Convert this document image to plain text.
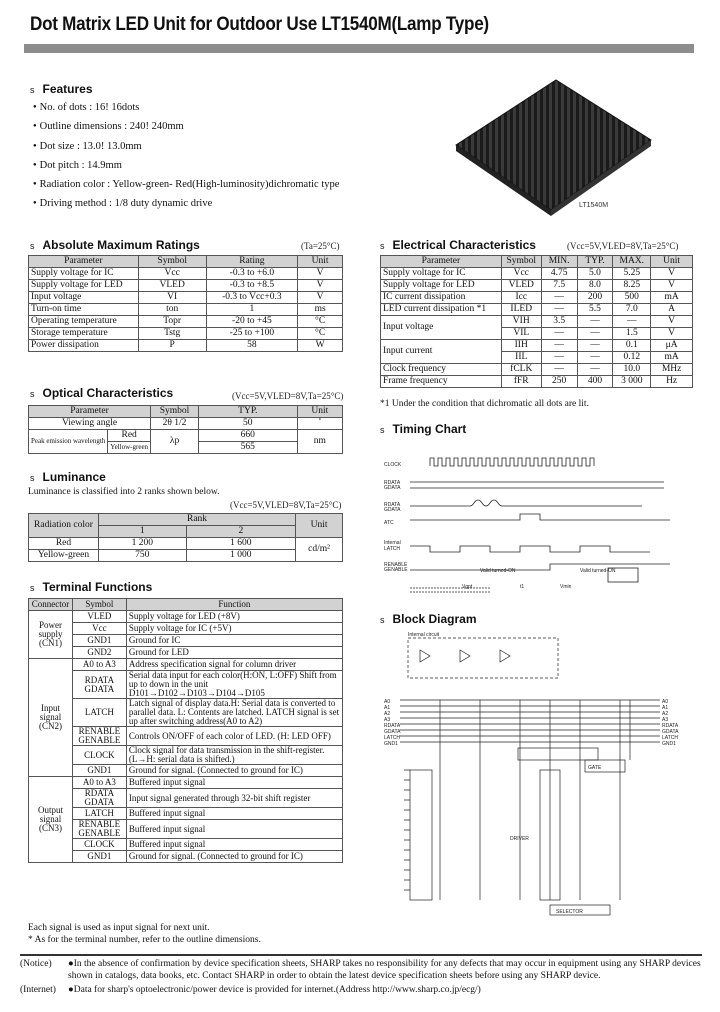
Dot Matrix LED Unit for Outdoor Use LT1540M(Lamp Type)
s Features
● No. of dots : 16! 16dots
● Outline dimensions : 240! 240mm
● Dot size : 13.0! 13.0mm
● Dot pitch : 14.9mm
● Radiation color : Yellow-green- Red(High-luminosity)dichromatic type
● Driving method : 1/8 duty dynamic drive	LT1540M
s Absolute Maximum Ratings	(Ta=25°C)
Parameter	Symbol	Rating	Unit
Supply voltage for IC	Vcc	-0.3 to +6.0	V
Supply voltage for LED	VLED	-0.3 to +8.5	V
Input voltage	VI	-0.3 to Vcc+0.3	V
Turn-on time	ton	1	ms
Operating temperature	Topr	-20 to +45	°C
Storage temperature	Tstg	-25 to +100	°C
Power dissipation	P	58	W
s Optical Characteristics	(Vcc=5V,VLED=8V,Ta=25°C)
Parameter		Symbol	TYP.	Unit
Viewing angle		2θ 1/2	50	˚
Peak emission wavelength	Red	λp	660	nm
	Yellow-green		565	
s Luminance
Luminance is classified into 2 ranks shown below.
(Vcc=5V,VLED=8V,Ta=25°C)
Radiation color	Rank		Unit
	1	2	
Red	1 200	1 600	cd/m²
Yellow-green	750	1 000	
s Terminal Functions
Connector	Symbol	Function
Power supply (CN1)	VLED	Supply voltage for LED (+8V)
	Vcc	Supply voltage for IC (+5V)
	GND1	Ground for IC
	GND2	Ground for LED
Input signal (CN2)	A0 to A3	Address specification signal for column driver
	RDATA GDATA	Serial data input for each color(H:ON, L:OFF) Shift from up to down in the unit D101→D102→D103→D104→D105
	LATCH	Latch signal of display data.H: Serial data is converted to parallel data. L: Contents are latched. LATCH signal is set up after switching address(A0 to A2)
	RENABLE GENABLE	Controls ON/OFF of each color of LED. (H: LED OFF)
	CLOCK	Clock signal for data transmission in the shift-register. (L→H: serial data is shifted.)
	GND1	Ground for signal. (Connected to ground for IC)
Output signal (CN3)	A0 to A3	Buffered input signal
	RDATA GDATA	Input signal generated through 32-bit shift register
	LATCH	Buffered input signal
	RENABLE GENABLE	Buffered input signal
	CLOCK	Buffered input signal
	GND1	Ground for signal. (Connected to ground for IC)
Each signal is used as input signal for next unit.
* As for the terminal number, refer to the outline dimensions.
s Electrical Characteristics	(Vcc=5V,VLED=8V,Ta=25°C)
Parameter	Symbol	MIN.	TYP.	MAX.	Unit
Supply voltage for IC	Vcc	4.75	5.0	5.25	V
Supply voltage for LED	VLED	7.5	8.0	8.25	V
IC current dissipation	Icc	—	200	500	mA
LED current dissipation *1	ILED	—	5.5	7.0	A
Input voltage	VIH	3.5	—	—	V
	VIL	—	—	1.5	V
Input current	IIH	—	—	0.1	μA
	IIL	—	—	0.12	mA
Clock frequency	fCLK	—	—	10.0	MHz
Frame frequency	fFR	250	400	3 000	Hz
*1 Under the condition that dichromatic all dots are lit.
s Timing Chart
CLOCK
RDATA
GDATA
RDATA
GDATA
ATC
Internal
LATCH
RENABLE
GENABLE	Valid turned-ON	Valid turned-ON
Vgpt	t1	Vmin
s Block Diagram
Internal circuit
A0
A1
A2
A3
RDATA
GDATA
LATCH
GND1
A0
A1
A2
A3
RDATA
GDATA
LATCH
GND1
GATE
SELECTOR
DRIVER
(Notice)	●In the absence of confirmation by device specification sheets, SHARP takes no responsibility for any defects that may occur in equipment using any SHARP devices shown in catalogs, data books, etc. Contact SHARP in order to obtain the latest device specification sheets before using any SHARP device.
(Internet)	●Data for sharp's optoelectronic/power device is provided for internet.(Address http://www.sharp.co.jp/ecg/)
